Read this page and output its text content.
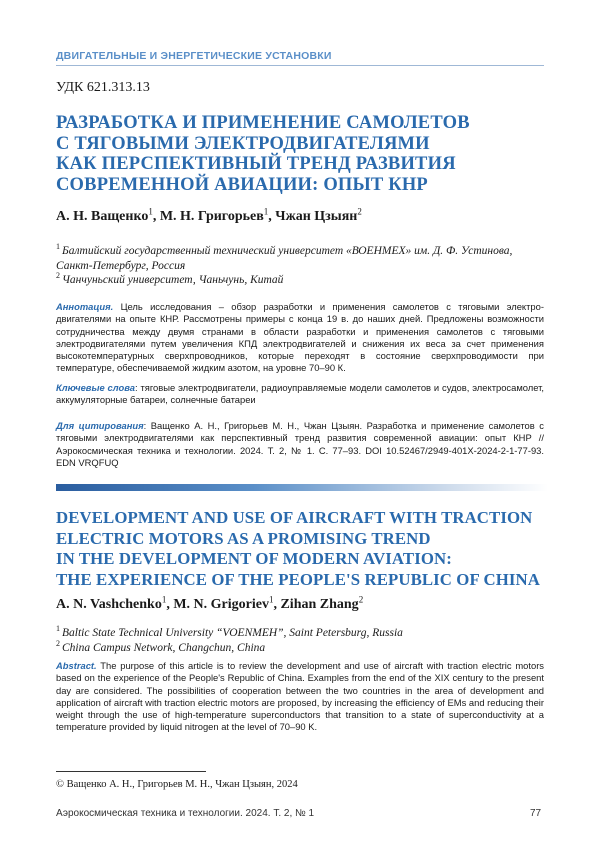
ДВИГАТЕЛЬНЫЕ И ЭНЕРГЕТИЧЕСКИЕ УСТАНОВКИ
УДК 621.313.13
РАЗРАБОТКА И ПРИМЕНЕНИЕ САМОЛЕТОВ
С ТЯГОВЫМИ ЭЛЕКТРОДВИГАТЕЛЯМИ
КАК ПЕРСПЕКТИВНЫЙ ТРЕНД РАЗВИТИЯ
СОВРЕМЕННОЙ АВИАЦИИ: ОПЫТ КНР
А. Н. Ващенко$^1$, М. Н. Григорьев$^1$, Чжан Цзыян$^2$
$^1$ Балтийский государственный технический университет «ВОЕНМЕХ» им. Д. Ф. Устинова, Санкт-Петербург, Россия
$^2$ Чанчуньский университет, Чаньчунь, Китай
Аннотация. Цель исследования – обзор разработки и применения самолетов с тяговыми электродвигателями на опыте КНР. Рассмотрены примеры с конца 19 в. до наших дней. Предложены возможности сотрудничества между двумя странами в области разработки и применения самолетов с тяговыми электродвигателями путем увеличения КПД электродвигателей и снижения их веса за счет применения высокотемпературных сверхпроводников, которые переходят в состояние сверхпроводимости при температуре, обеспечиваемой жидким азотом, на уровне 70–90 К.
Ключевые слова: тяговые электродвигатели, радиоуправляемые модели самолетов и судов, электросамолет, аккумуляторные батареи, солнечные батареи
Для цитирования: Ващенко А. Н., Григорьев М. Н., Чжан Цзыян. Разработка и применение самолетов с тяговыми электродвигателями как перспективный тренд развития современной авиации: опыт КНР // Аэрокосмическая техника и технологии. 2024. Т. 2, № 1. С. 77–93. DOI 10.52467/2949-401X-2024-2-1-77-93. EDN VRQFUQ
DEVELOPMENT AND USE OF AIRCRAFT WITH TRACTION
ELECTRIC MOTORS AS A PROMISING TREND
IN THE DEVELOPMENT OF MODERN AVIATION:
THE EXPERIENCE OF THE PEOPLE'S REPUBLIC OF CHINA
A. N. Vashchenko$^1$, M. N. Grigoriev$^1$, Zihan Zhang$^2$
$^1$ Baltic State Technical University “VOENMEH”, Saint Petersburg, Russia
$^2$ China Campus Network, Changchun, China
Abstract. The purpose of this article is to review the development and use of aircraft with traction electric motors based on the experience of the People's Republic of China. Examples from the end of the XIX century to the present day are considered. The possibilities of cooperation between the two countries in the area of development and application of aircraft with traction electric motors are proposed, by increasing the efficiency of EMs and reducing their weight through the use of high-temperature superconductors that transition to a state of superconductivity at a temperature provided by liquid nitrogen at the level of 70–90 K.
© Ващенко А. Н., Григорьев М. Н., Чжан Цзыян, 2024
Аэрокосмическая техника и технологии. 2024. Т. 2, № 1	77
